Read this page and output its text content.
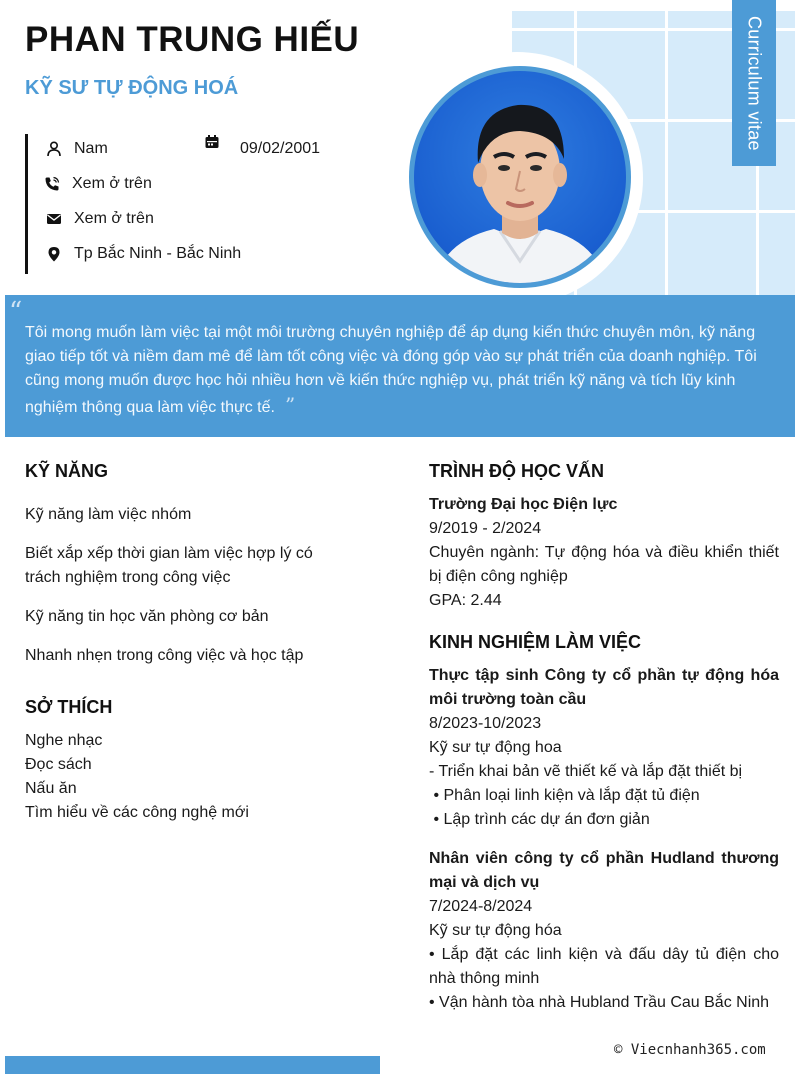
Curriculum vitae
PHAN TRUNG HIẾU
KỸ SƯ TỰ ĐỘNG HOÁ
Nam	09/02/2001
Xem ở trên
Xem ở trên
Tp Bắc Ninh - Bắc Ninh
“

Tôi mong muốn làm việc tại một môi trường chuyên nghiệp để áp dụng kiến thức chuyên môn, kỹ năng giao tiếp tốt và niềm đam mê để làm tốt công việc và đóng góp vào sự phát triển của doanh nghiệp. Tôi cũng mong muốn được học hỏi nhiều hơn về kiến thức nghiệp vụ, phát triển kỹ năng và tích lũy kinh nghiệm thông qua làm việc thực tế. ”

KỸ NĂNG
Kỹ năng làm việc nhóm
Biết xắp xếp thời gian làm việc hợp lý có trách nghiệm trong công việc
Kỹ năng tin học văn phòng cơ bản
Nhanh nhẹn trong công việc và học tập
SỞ THÍCH
Nghe nhạc
Đọc sách
Nấu ăn
Tìm hiểu về các công nghệ mới
TRÌNH ĐỘ HỌC VẤN
Trường Đại học Điện lực
9/2019 - 2/2024
Chuyên ngành: Tự động hóa và điều khiển thiết bị điện công nghiệp
GPA: 2.44
KINH NGHIỆM LÀM VIỆC
Thực tập sinh Công ty cổ phần tự động hóa môi trường toàn cầu
8/2023-10/2023
Kỹ sư tự động hoa
- Triển khai bản vẽ thiết kế và lắp đặt thiết bị
• Phân loại linh kiện và lắp đặt tủ điện
• Lập trình các dự án đơn giản
Nhân viên công ty cổ phần Hudland thương mại và dịch vụ
7/2024-8/2024
Kỹ sư tự động hóa
• Lắp đặt các linh kiện và đấu dây tủ điện cho nhà thông minh
• Vận hành tòa nhà Hubland Trầu Cau Bắc Ninh
© Viecnhanh365.com
